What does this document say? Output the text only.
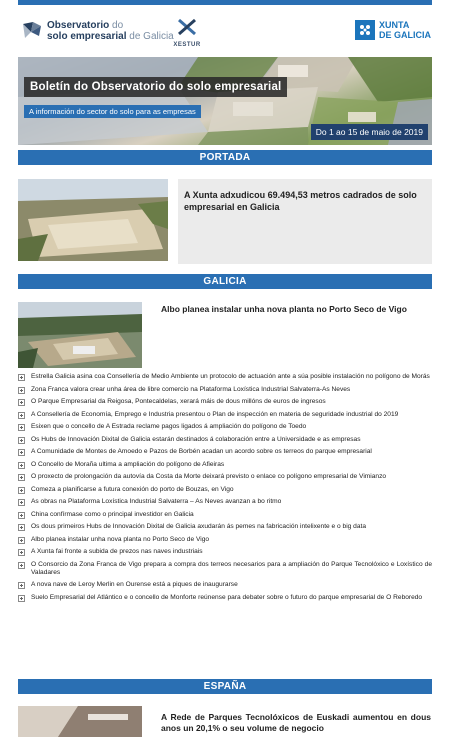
Observatorio do
solo empresarial de Galicia
XESTUR
XUNTA
DE GALICIA
Boletín do Observatorio do solo empresarial
A información do sector do solo para as empresas
Do 1 ao 15 de maio de 2019
PORTADA
A Xunta adxudicou 69.494,53 metros cadrados de solo empresarial en Galicia
GALICIA
Albo planea instalar unha nova planta no Porto Seco de Vigo
Estrella Galicia asina coa Consellería de Medio Ambiente un protocolo de actuación ante a súa posible instalación no polígono de Morás
Zona Franca valora crear unha área de libre comercio na Plataforma Loxística Industrial Salvaterra-As Neves
O Parque Empresarial da Reigosa, Pontecaldelas, xerará máis de dous millóns de euros de ingresos
A Consellería de Economía, Emprego e Industria presentou o Plan de inspección en materia de seguridade industrial do 2019
Esixen que o concello de A Estrada reclame pagos ligados á ampliación do polígono de Toedo
Os Hubs de Innovación Dixital de Galicia estarán destinados á colaboración entre a Universidade e as empresas
A Comunidade de Montes de Amoedo e Pazos de Borbén acadan un acordo sobre os terreos do parque empresarial
O Concello de Moraña ultima a ampliación do polígono de Afieiras
O proxecto de prolongación da autovía da Costa da Morte deixará previsto o enlace co polígono empresarial de Vimianzo
Comeza a planificarse a futura conexión do porto de Bouzas, en Vigo
As obras na Plataforma Loxística Industrial Salvaterra – As Neves avanzan a bo ritmo
China confírmase como o principal investidor en Galicia
Os dous primeiros Hubs de Innovación Dixital de Galicia axudarán ás pemes na fabricación intelixente e o big data
Albo planea instalar unha nova planta no Porto Seco de Vigo
A Xunta fai fronte a subida de prezos nas naves industriais
O Consorcio da Zona Franca de Vigo prepara a compra dos terreos necesarios para a ampliación do Parque Tecnolóxico e Loxístico de Valadares
A nova nave de Leroy Merlin en Ourense está a piques de inaugurarse
Suelo Empresarial del Atlántico e o concello de Monforte reúnense para debater sobre o futuro do parque empresarial de O Reboredo
ESPAÑA
A Rede de Parques Tecnolóxicos de Euskadi aumentou en dous anos un 20,1% o seu volume de negocio
